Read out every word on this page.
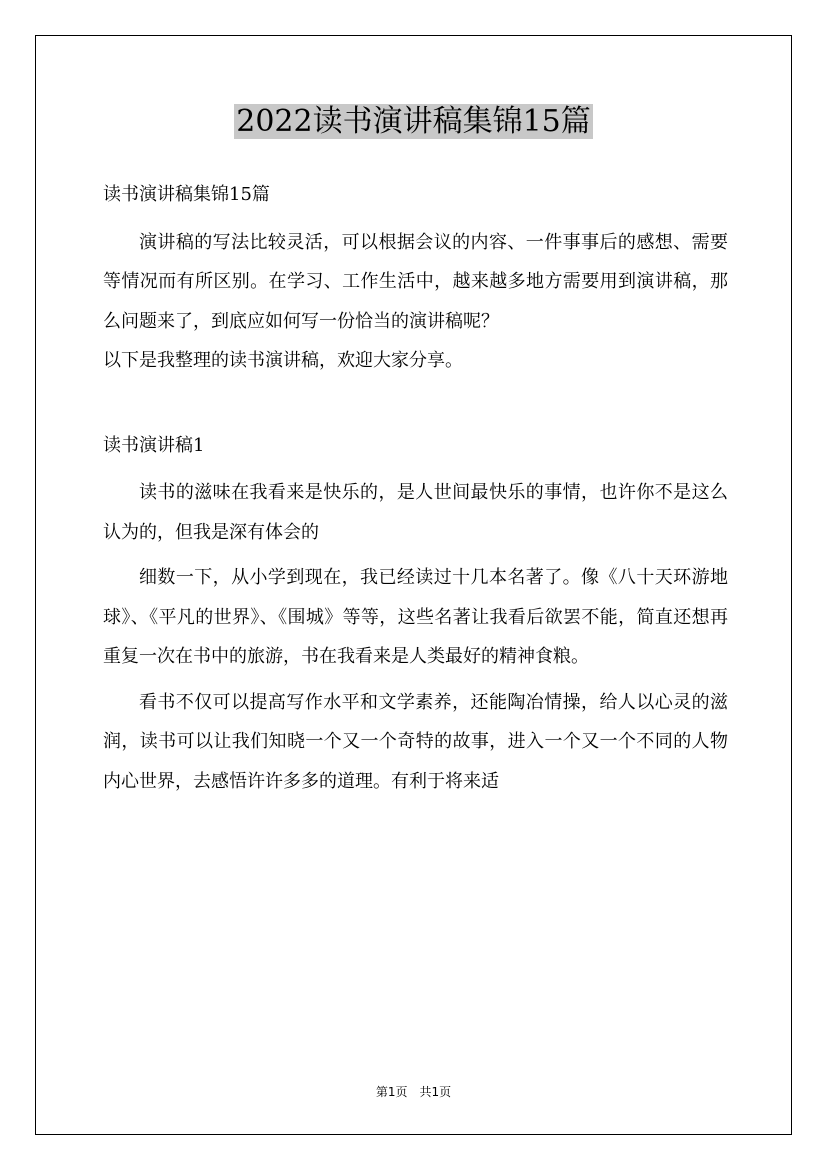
2022读书演讲稿集锦15篇

读书演讲稿集锦15篇

演讲稿的写法比较灵活，可以根据会议的内容、一件事事后的感想、需要等情况而有所区别。在学习、工作生活中，越来越多地方需要用到演讲稿，那么问题来了，到底应如何写一份恰当的演讲稿呢？

以下是我整理的读书演讲稿，欢迎大家分享。

读书演讲稿1

读书的滋味在我看来是快乐的，是人世间最快乐的事情，也许你不是这么认为的，但我是深有体会的

细数一下，从小学到现在，我已经读过十几本名著了。像《八十天环游地球》、《平凡的世界》、《围城》等等，这些名著让我看后欲罢不能，简直还想再重复一次在书中的旅游，书在我看来是人类最好的精神食粮。

看书不仅可以提高写作水平和文学素养，还能陶冶情操，给人以心灵的滋润，读书可以让我们知晓一个又一个奇特的故事，进入一个又一个不同的人物内心世界，去感悟许许多多的道理。有利于将来适

第1页　共1页
